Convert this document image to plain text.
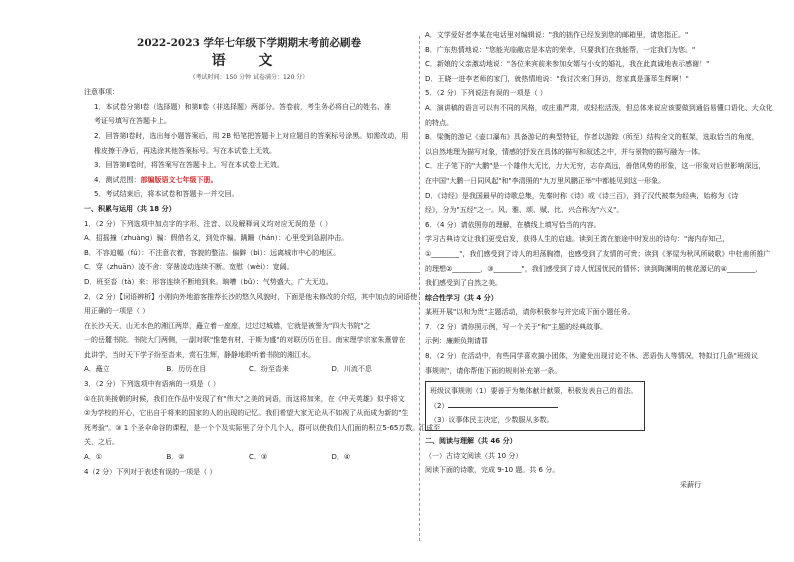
2022-2023 学年七年级下学期期末考前必刷卷

语 文

（考试时间：150 分钟 试卷满分：120 分）

注意事项：

1．本试卷分第Ⅰ卷（选择题）和第Ⅱ卷（非选择题）两部分。答卷前，考生务必将自己的姓名、准

考证号填写在答题卡上。

2．回答第Ⅰ卷时，选出每小题答案后，用 2B 铅笔把答题卡上对应题目的答案标号涂黑。如需改动，用

橡皮擦干净后，再选涂其他答案标号。写在本试卷上无效。

3．回答第Ⅱ卷时，将答案写在答题卡上。写在本试卷上无效。

4．测试范围：部编版语文七年级下册。

5．考试结束后，将本试卷和答题卡一并交回。

一、积累与运用（共 18 分）

1．（2 分）下列选项中加点字的字形、注音、以及解释词义均对应无误的是（ ）

A．招摇撞（zhuàng）骗：假借名义，到处诈骗。蹒跚（hán）：心里受到急剧冲击。

B．不容迫幅（fú）：不注意衣着，容貌的整洁。偏僻（bì）：远离城市中心的地区。

C．穿（zhuān）凌不舍：穿凿凌动连续不断。宽慰（wèi）：宽阔。

D．班至沓（tà）来：形容连续不断地到来。晌嘈（bǔ）：气势盛大，广大无边。

2．（2 分）【词语辨析】小刚向外地游客推荐长沙的悠久风貌时，下面是他未修改的介绍，其中加点的词语使

用正确的一项是（ ）

在长沙天天、山无水色的湘江两岸，矗立着一座座，过过过城墙，它就是被誉为"四大书院"之

一的岳麓书院。书院大门两侧，一副对联"惟楚有材，于斯为盛"的对联历历在目。南宋理学宗家朱熹曾在

此讲学，当时天下学子纷至沓来，赏石生辉，静静地聆听着书院的湘江水。

A．矗立	B．历历在目	C．纷至沓来	D．川流不息

3．（2 分）下列选项中有语病的一项是（ ）

①在抗美援朝的时候，我们在作品中发现了有"伟大"之美的词语，而这将加来，在《中天英雄》似乎将文

②为学校的开心，它出自于将来的国家的人的出现的记忆。我们希望大家无论从不如视了从而成为新的"生

死考验"。③ 1 个圣伞命谷的课程，是一个个及实际里了分个几个人，群可以使我们人们面的积立5-65万数。汇成至

关，之后。

A．①	B．②	C．③	D．④

4（2 分）下列对于表述有误的一项是（ ）

A．文学爱好者李某在电话里对编辑说："我的拙作已经发到您的邮箱里，请您指正。"

B．广东热情地说："您能光临敝店是本店的荣幸，只要我们在我能帮，一定我们为您。"

C．新娘的父亲激动地说："各位来宾前来参加女婿与小女的婚礼，我在此真诚地表示感谢！"

D．王晓一进李老师的家门，就热情地说："我讨次来门拜访，您家真是蓬荜生辉啊！"

5．（2 分）下列说法有误的一项是（ ）

A．演讲稿的语言可以有不同的风格，或庄重严肃，或轻松活泼，但总体来说应该要做到通俗易懂口语化、大众化

的特点。

B．梁衡的游记《壶口瀑布》具备游记的典型特征，作者以游踪（所至）结构全文的框架，选取恰当的角度，

以自然地理为描写对象，情感的抒发在具体的描写和叙述之中，并与景物的描写融为一体。

C．庄子笔下的"大鹏"是一个雄伟大无比，力大无穷，志存高远，善借风势的形象，这一形象对后世影响深远，

在中国"大鹏一日同风起"和"李清照的"九万里风鹏正举"中都能见到这一形象。

D．《诗经》是我国最早的诗歌总集，先秦时称《诗》或《诗三百》，到了汉代被奉为经典，始称为《诗

经》，分为"五经"之一。风、雅、颂、赋、比、兴合称为"六义"。

6．（4 分）请依照你的理解，在横线上填写恰当的内容。

学习古典诗文让我们更受启发，获得人生的启迪。读到王湾在旅途中时发出的诗句："海内存知己，

①________"，我们感受到了诗人的坦荡胸襟，也感受到了友情的可贵；读到《茅屋为秋风所破歌》中杜甫所推广

的理想②________，③________"，我们感受到了诗人忧国忧民的情怀；读到陶渊明的桃花源记的④________，

我们感受到了自然之美。

综合性学习（共 4 分）

某班开展"以和为贵"主题活动，请你积极参与并完成下面小题任务。

7．（2 分）请你照示例，写一个关于"和"主题的经典故事。

示例：廉颇负荆请罪

8．（2 分）在活动中，有些同学喜欢搞小团体，为避免出现讨论不休、恶语伤人等情况，特拟订几条"班级议

事规则"，请你帮他下面的规则补充第一条。

班级议事规则（1）要善于为集体献计献策，积极发表自己的看法。

（2）

（3）议事体民主决定，少数服从多数。

二、阅读与理解（共 46 分）

（一）古诗文阅读（共 10 分）

阅读下面的诗歌，完成 9-10 题。共 6 分。

采薪行
